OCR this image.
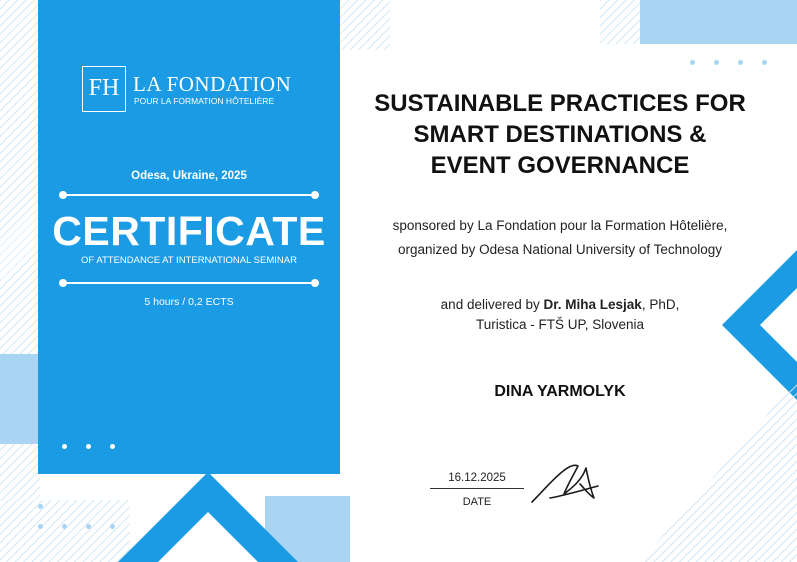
FH LA FONDATION
POUR LA FORMATION HÔTELIÈRE
Odesa, Ukraine, 2025
CERTIFICATE
OF ATTENDANCE AT INTERNATIONAL SEMINAR
5 hours / 0,2 ECTS
SUSTAINABLE PRACTICES FOR
SMART DESTINATIONS &
EVENT GOVERNANCE
sponsored by La Fondation pour la Formation Hôtelière,
organized by Odesa National University of Technology
and delivered by Dr. Miha Lesjak, PhD,
Turistica - FTŠ UP, Slovenia
DINA YARMOLYK
16.12.2025
DATE
